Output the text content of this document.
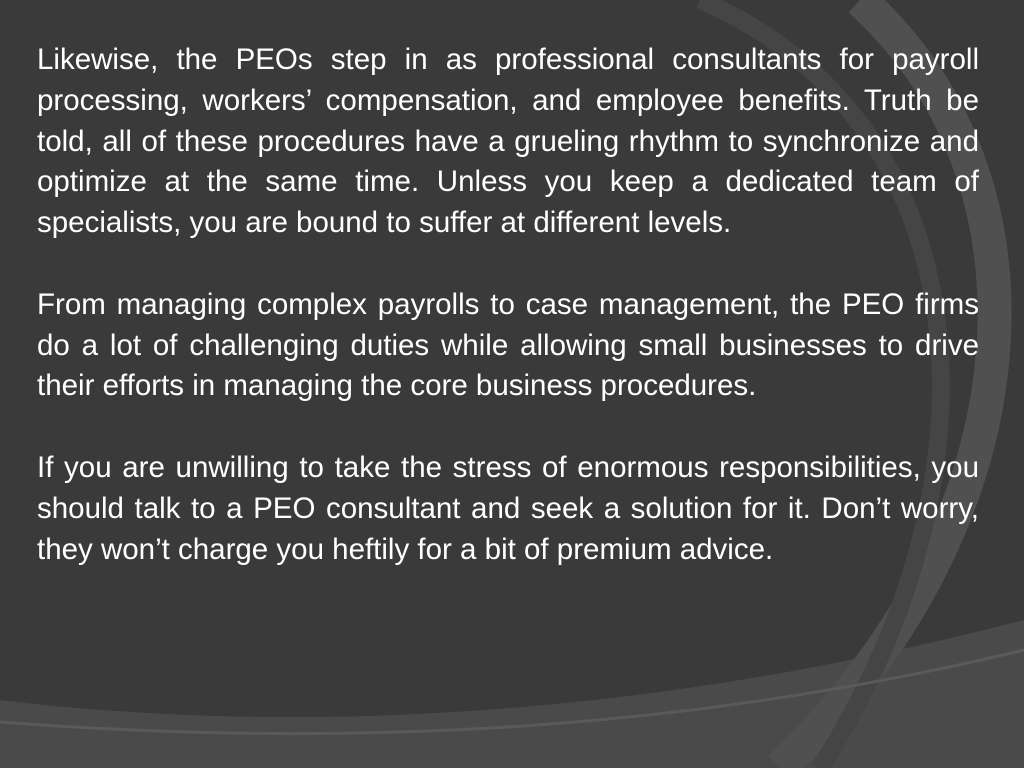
Likewise, the PEOs step in as professional consultants for payroll processing, workers’ compensation, and employee benefits. Truth be told, all of these procedures have a grueling rhythm to synchronize and optimize at the same time. Unless you keep a dedicated team of specialists, you are bound to suffer at different levels.

From managing complex payrolls to case management, the PEO firms do a lot of challenging duties while allowing small businesses to drive their efforts in managing the core business procedures.

If you are unwilling to take the stress of enormous responsibilities, you should talk to a PEO consultant and seek a solution for it. Don’t worry, they won’t charge you heftily for a bit of premium advice.
